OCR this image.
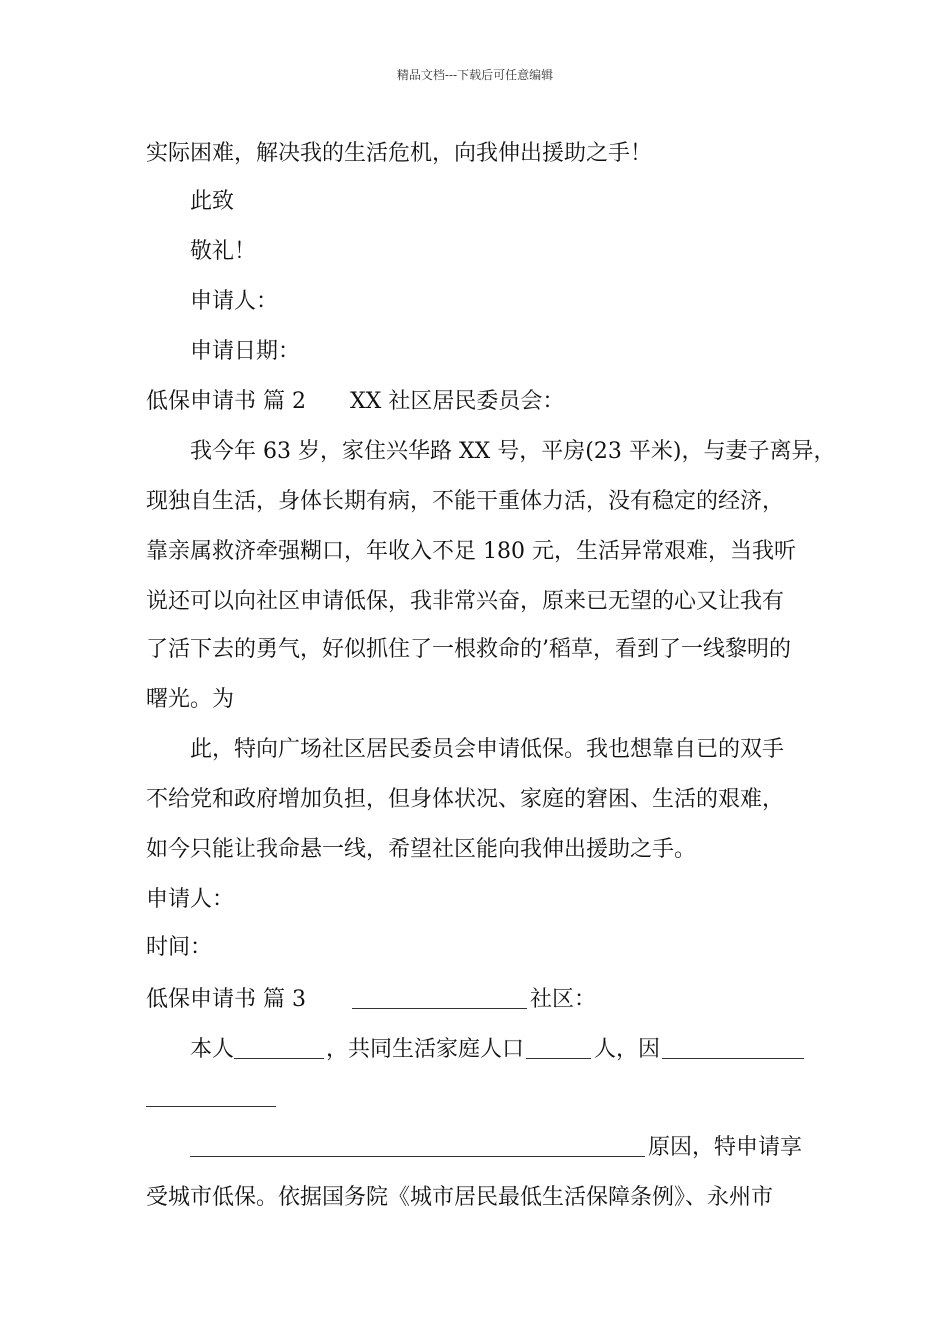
精品文档---下载后可任意编辑
实际困难，解决我的生活危机，向我伸出援助之手！
此致
敬礼！
申请人：
申请日期：
低保申请书 篇 2 XX 社区居民委员会：
我今年 63 岁，家住兴华路 XX 号，平房(23 平米)，与妻子离异，
现独自生活，身体长期有病，不能干重体力活，没有稳定的经济，
靠亲属救济牵强糊口，年收入不足 180 元，生活异常艰难，当我听
说还可以向社区申请低保，我非常兴奋，原来已无望的心又让我有
了活下去的勇气，好似抓住了一根救命的’稻草，看到了一线黎明的
曙光。为
此，特向广场社区居民委员会申请低保。我也想靠自已的双手
不给党和政府增加负担，但身体状况、家庭的窘困、生活的艰难，
如今只能让我命悬一线，希望社区能向我伸出援助之手。
申请人：
时间：
低保申请书 篇 3	社区：
本人	，共同生活家庭人口	人，因
原因，特申请享
受城市低保。依据国务院《城市居民最低生活保障条例》、永州市
